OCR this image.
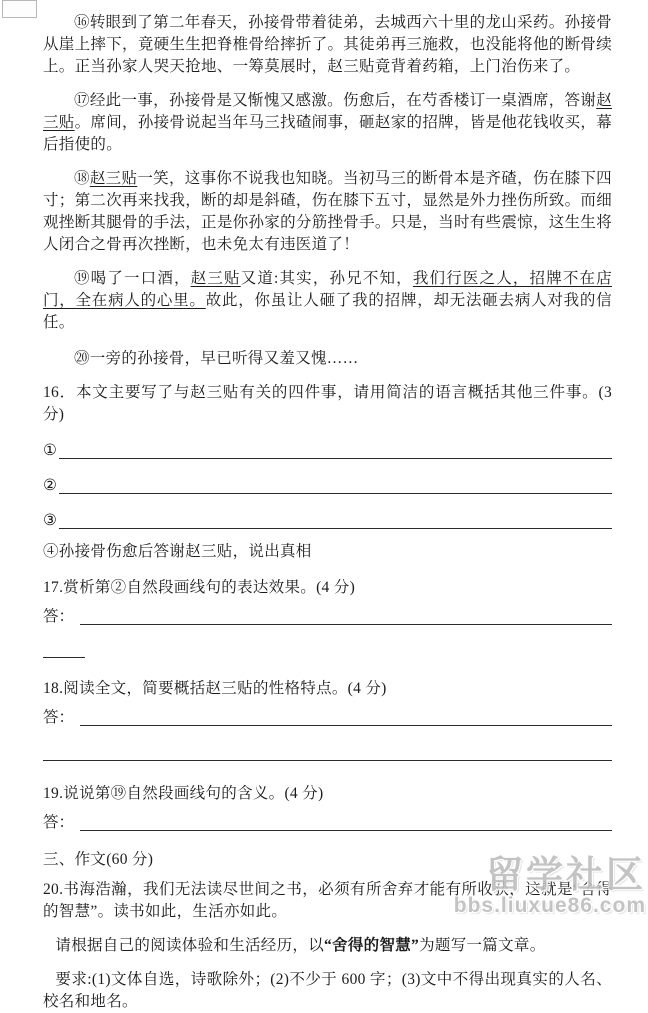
⑯转眼到了第二年春天，孙接骨带着徒弟，去城西六十里的龙山采药。孙接骨从崖上摔下，竟硬生生把脊椎骨给摔折了。其徒弟再三施救，也没能将他的断骨续上。正当孙家人哭天抢地、一筹莫展时，赵三贴竟背着药箱，上门治伤来了。

⑰经此一事，孙接骨是又惭愧又感激。伤愈后，在芍香楼订一桌酒席，答谢赵三贴。席间，孙接骨说起当年马三找碴闹事，砸赵家的招牌，皆是他花钱收买，幕后指使的。

⑱赵三贴一笑，这事你不说我也知晓。当初马三的断骨本是齐碴，伤在膝下四寸；第二次再来找我，断的却是斜碴，伤在膝下五寸，显然是外力挫伤所致。而细观挫断其腿骨的手法，正是你孙家的分筋挫骨手。只是，当时有些震惊，这生生将人闭合之骨再次挫断，也未免太有违医道了！

⑲喝了一口酒，赵三贴又道:其实，孙兄不知，我们行医之人，招牌不在店门，全在病人的心里。故此，你虽让人砸了我的招牌，却无法砸去病人对我的信任。

⑳一旁的孙接骨，早已听得又羞又愧……

16．本文主要写了与赵三贴有关的四件事，请用简洁的语言概括其他三件事。(3 分)

①
②
③

④孙接骨伤愈后答谢赵三贴，说出真相

17.赏析第②自然段画线句的表达效果。(4 分)

答：

18.阅读全文，简要概括赵三贴的性格特点。(4 分)

答：

19.说说第⑲自然段画线句的含义。(4 分)

答：

三、作文(60 分)

20.书海浩瀚，我们无法读尽世间之书，必须有所舍弃才能有所收获，这就是“舍得的智慧”。读书如此，生活亦如此。

请根据自己的阅读体验和生活经历，以“舍得的智慧”为题写一篇文章。

要求:(1)文体自选，诗歌除外；(2)不少于 600 字；(3)文中不得出现真实的人名、校名和地名。

留学社区
bbs.liuxue86.com
